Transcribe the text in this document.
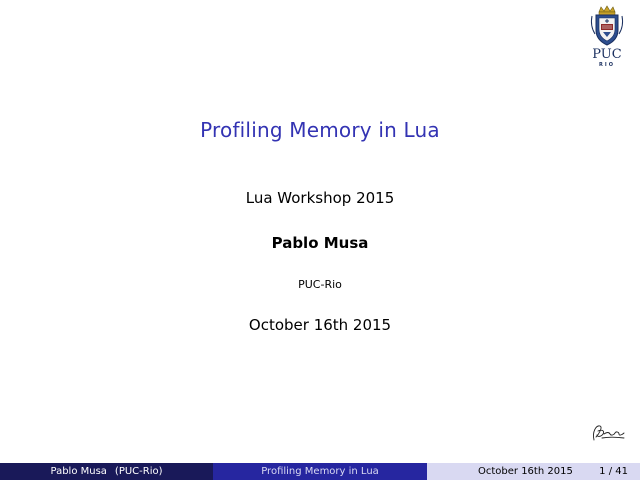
PUC
RIO
Profiling Memory in Lua
Lua Workshop 2015
Pablo Musa
PUC-Rio
October 16th 2015
Pablo Musa (PUC-Rio)	Profiling Memory in Lua	October 16th 2015	1 / 41
